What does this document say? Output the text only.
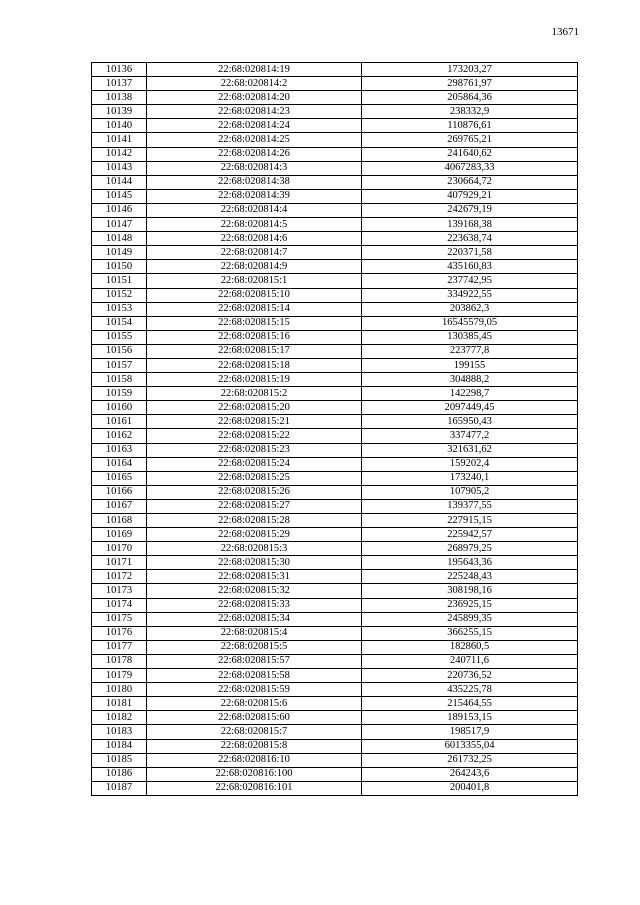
13671
10136	22:68:020814:19	173203,27
10137	22:68:020814:2	298761,97
10138	22:68:020814:20	205864,36
10139	22:68:020814:23	238332,9
10140	22:68:020814:24	110876,61
10141	22:68:020814:25	269765,21
10142	22:68:020814:26	241640,62
10143	22:68:020814:3	4067283,33
10144	22:68:020814:38	230664,72
10145	22:68:020814:39	407929,21
10146	22:68:020814:4	242679,19
10147	22:68:020814:5	139168,38
10148	22:68:020814:6	223638,74
10149	22:68:020814:7	220371,58
10150	22:68:020814:9	435160,83
10151	22:68:020815:1	237742,95
10152	22:68:020815:10	334922,55
10153	22:68:020815:14	203862,3
10154	22:68:020815:15	16545579,05
10155	22:68:020815:16	130385,45
10156	22:68:020815:17	223777,8
10157	22:68:020815:18	199155
10158	22:68:020815:19	304888,2
10159	22:68:020815:2	142298,7
10160	22:68:020815:20	2097449,45
10161	22:68:020815:21	165950,43
10162	22:68:020815:22	337477,2
10163	22:68:020815:23	321631,62
10164	22:68:020815:24	159202,4
10165	22:68:020815:25	173240,1
10166	22:68:020815:26	107905,2
10167	22:68:020815:27	139377,55
10168	22:68:020815:28	227915,15
10169	22:68:020815:29	225942,57
10170	22:68:020815:3	268979,25
10171	22:68:020815:30	195643,36
10172	22:68:020815:31	225248,43
10173	22:68:020815:32	308198,16
10174	22:68:020815:33	236925,15
10175	22:68:020815:34	245899,35
10176	22:68:020815:4	366255,15
10177	22:68:020815:5	182860,5
10178	22:68:020815:57	240711,6
10179	22:68:020815:58	220736,52
10180	22:68:020815:59	435225,78
10181	22:68:020815:6	215464,55
10182	22:68:020815:60	189153,15
10183	22:68:020815:7	198517,9
10184	22:68:020815:8	6013355,04
10185	22:68:020816:10	261732,25
10186	22:68:020816:100	264243,6
10187	22:68:020816:101	200401,8
